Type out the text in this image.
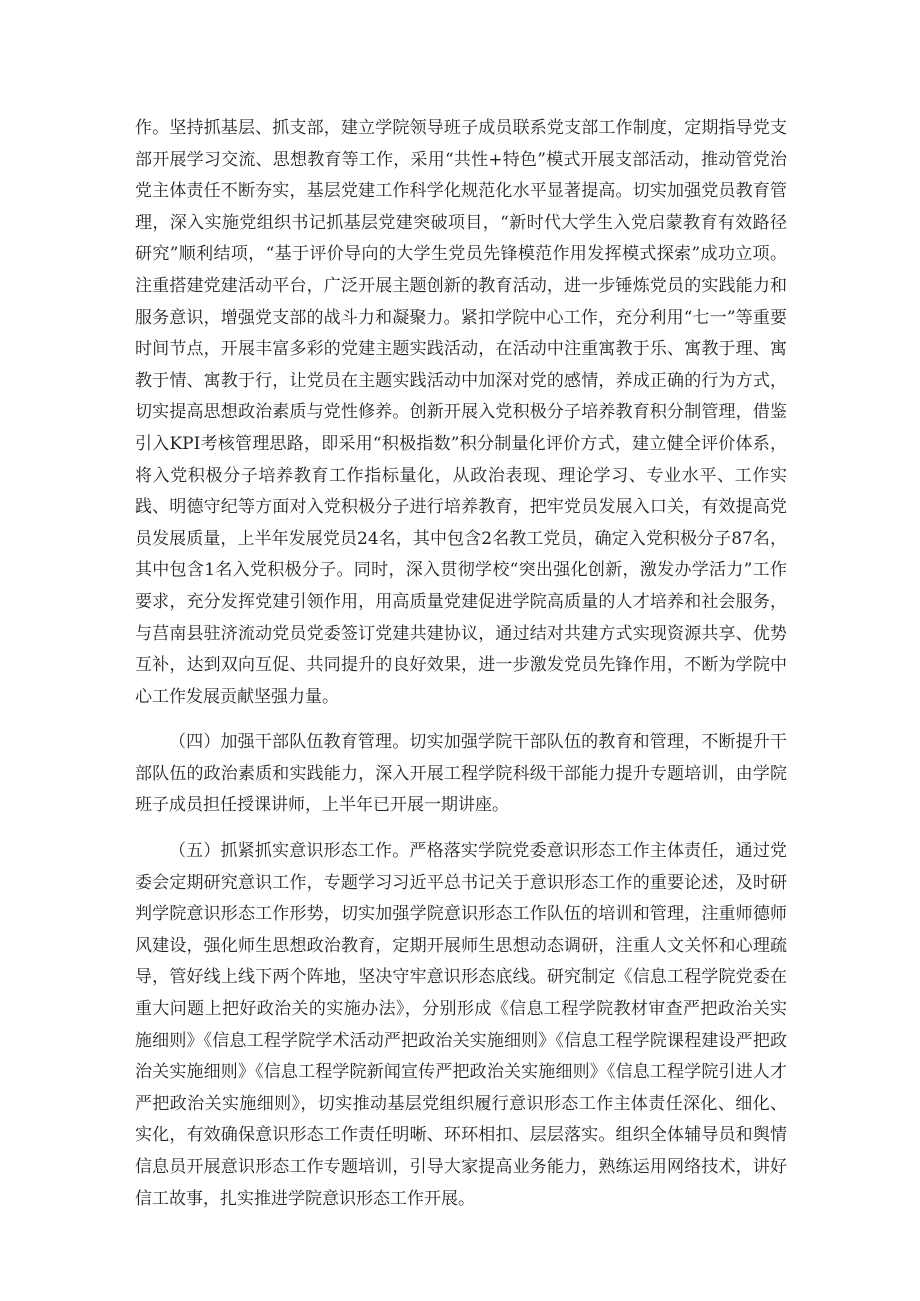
作。坚持抓基层、抓支部，建立学院领导班子成员联系党支部工作制度，定期指导党支部开展学习交流、思想教育等工作，采用“共性+特色”模式开展支部活动，推动管党治党主体责任不断夯实，基层党建工作科学化规范化水平显著提高。切实加强党员教育管理，深入实施党组织书记抓基层党建突破项目，“新时代大学生入党启蒙教育有效路径研究”顺利结项，“基于评价导向的大学生党员先锋模范作用发挥模式探索”成功立项。注重搭建党建活动平台，广泛开展主题创新的教育活动，进一步锤炼党员的实践能力和服务意识，增强党支部的战斗力和凝聚力。紧扣学院中心工作，充分利用“七一”等重要时间节点，开展丰富多彩的党建主题实践活动，在活动中注重寓教于乐、寓教于理、寓教于情、寓教于行，让党员在主题实践活动中加深对党的感情，养成正确的行为方式，切实提高思想政治素质与党性修养。创新开展入党积极分子培养教育积分制管理，借鉴引入KPI考核管理思路，即采用“积极指数”积分制量化评价方式，建立健全评价体系，将入党积极分子培养教育工作指标量化，从政治表现、理论学习、专业水平、工作实践、明德守纪等方面对入党积极分子进行培养教育，把牢党员发展入口关，有效提高党员发展质量，上半年发展党员24名，其中包含2名教工党员，确定入党积极分子87名，其中包含1名入党积极分子。同时，深入贯彻学校“突出强化创新，激发办学活力”工作要求，充分发挥党建引领作用，用高质量党建促进学院高质量的人才培养和社会服务，与莒南县驻济流动党员党委签订党建共建协议，通过结对共建方式实现资源共享、优势互补，达到双向互促、共同提升的良好效果，进一步激发党员先锋作用，不断为学院中心工作发展贡献坚强力量。

（四）加强干部队伍教育管理。切实加强学院干部队伍的教育和管理，不断提升干部队伍的政治素质和实践能力，深入开展工程学院科级干部能力提升专题培训，由学院班子成员担任授课讲师，上半年已开展一期讲座。

（五）抓紧抓实意识形态工作。严格落实学院党委意识形态工作主体责任，通过党委会定期研究意识工作，专题学习习近平总书记关于意识形态工作的重要论述，及时研判学院意识形态工作形势，切实加强学院意识形态工作队伍的培训和管理，注重师德师风建设，强化师生思想政治教育，定期开展师生思想动态调研，注重人文关怀和心理疏导，管好线上线下两个阵地，坚决守牢意识形态底线。研究制定《信息工程学院党委在重大问题上把好政治关的实施办法》，分别形成《信息工程学院教材审查严把政治关实施细则》《信息工程学院学术活动严把政治关实施细则》《信息工程学院课程建设严把政治关实施细则》《信息工程学院新闻宣传严把政治关实施细则》《信息工程学院引进人才严把政治关实施细则》，切实推动基层党组织履行意识形态工作主体责任深化、细化、实化，有效确保意识形态工作责任明晰、环环相扣、层层落实。组织全体辅导员和舆情信息员开展意识形态工作专题培训，引导大家提高业务能力，熟练运用网络技术，讲好信工故事，扎实推进学院意识形态工作开展。
